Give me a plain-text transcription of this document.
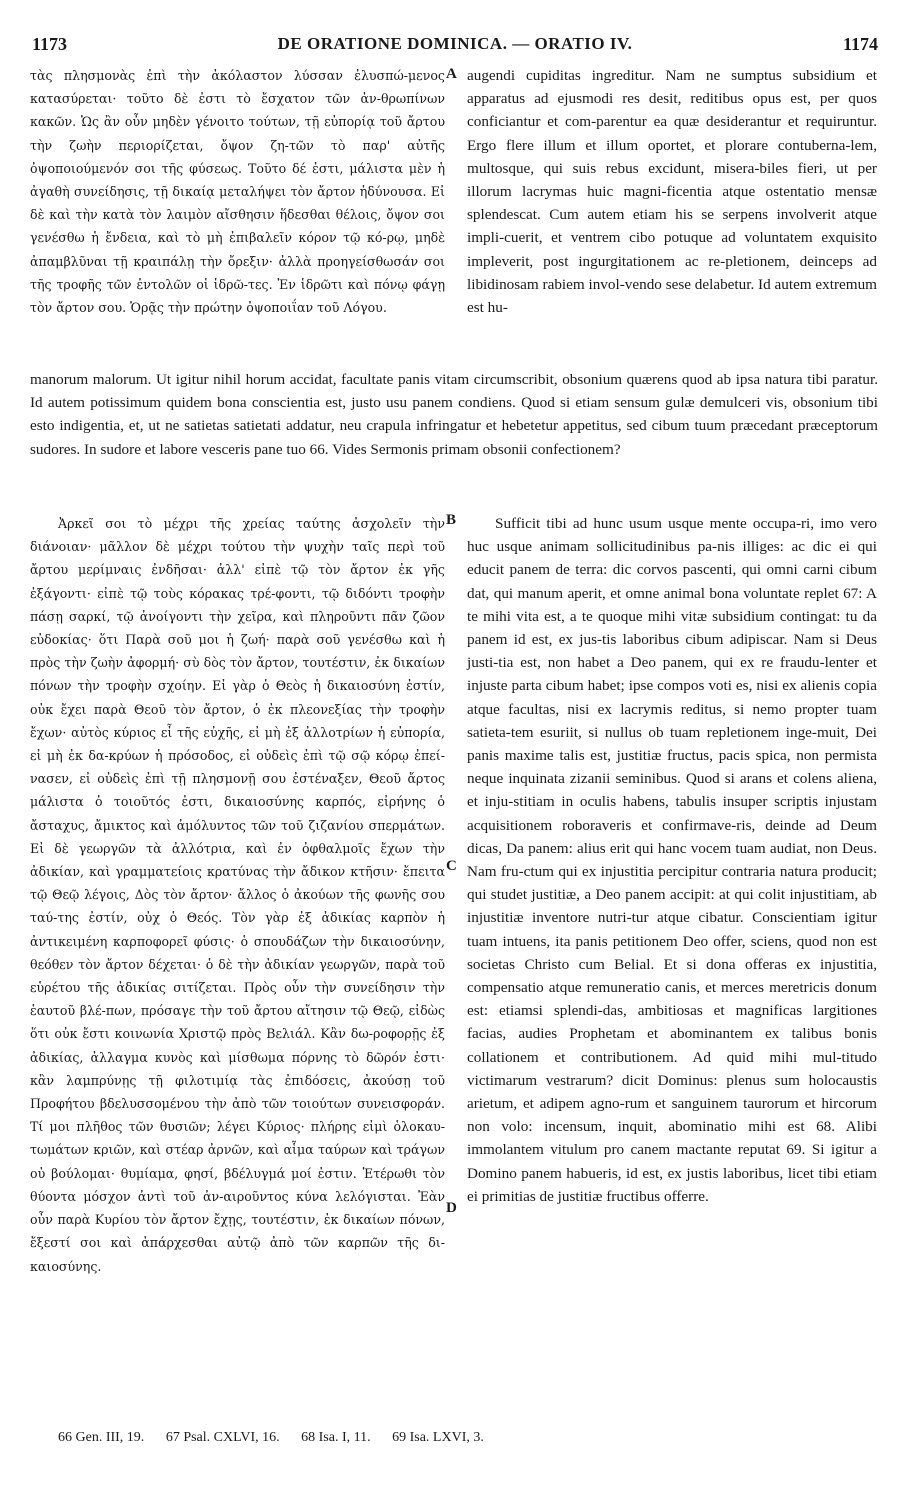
1173	DE ORATIONE DOMINICA. — ORATIO IV.	1174

τὰς πλησμονὰς ἐπὶ τὴν ἀκόλαστον λύσσαν ἐλυσπώ-μενος κατασύρεται· τοῦτο δὲ ἐστι τὸ ἔσχατον τῶν ἀν-θρωπίνων κακῶν. Ὡς ἂν οὖν μηδὲν γένοιτο τούτων, τῇ εὐπορίᾳ τοῦ ἄρτου τὴν ζωὴν περιορίζεται, ὄψον ζη-τῶν τὸ παρ' αὐτῆς ὀψοποιούμενόν σοι τῆς φύσεως. Τοῦτο δέ ἐστι, μάλιστα μὲν ἡ ἀγαθὴ συνείδησις, τῇ δικαίᾳ μεταλήψει τὸν ἄρτον ἡδύνουσα. Εἰ δὲ καὶ τὴν κατὰ τὸν λαιμὸν αἴσθησιν ἥδεσθαι θέλοις, ὄψον σοι γενέσθω ἡ ἔνδεια, καὶ τὸ μὴ ἐπιβαλεῖν κόρον τῷ κό-ρῳ, μηδὲ ἀπαμβλῦναι τῇ κραιπάλῃ τὴν ὄρεξιν· ἀλλὰ προηγείσθωσάν σοι τῆς τροφῆς τῶν ἐντολῶν οἱ ἱδρῶ-τες. Ἐν ἱδρῶτι καὶ πόνῳ φάγῃ τὸν ἄρτον σου. Ὁρᾷς τὴν πρώτην ὀψοποιΐαν τοῦ Λόγου.

augendi cupiditas ingreditur. Nam ne sumptus subsidium et apparatus ad ejusmodi res desit, reditibus opus est, per quos conficiantur et com-parentur ea quæ desiderantur et requiruntur. Ergo flere illum et illum oportet, et plorare contuberna-lem, multosque, qui suis rebus excidunt, misera-biles fieri, ut per illorum lacrymas huic magni-ficentia atque ostentatio mensæ splendescat. Cum autem etiam his se serpens involverit atque impli-cuerit, et ventrem cibo potuque ad voluntatem exquisito impleverit, post ingurgitationem ac re-pletionem, deinceps ad libidinosam rabiem invol-vendo sese delabetur. Id autem extremum est hu-

manorum malorum. Ut igitur nihil horum accidat, facultate panis vitam circumscribit, obsonium quærens quod ab ipsa natura tibi paratur. Id autem potissimum quidem bona conscientia est, justo usu panem condiens. Quod si etiam sensum gulæ demulceri vis, obsonium tibi esto indigentia, et, ut ne satietas satietati addatur, neu crapula infringatur et hebetetur appetitus, sed cibum tuum præcedant præceptorum sudores. In sudore et labore vesceris pane tuo 66. Vides Sermonis primam obsonii confectionem?

Ἀρκεῖ σοι τὸ μέχρι τῆς χρείας ταύτης ἀσχολεῖν τὴν διάνοιαν· μᾶλλον δὲ μέχρι τούτου τὴν ψυχὴν ταῖς περὶ τοῦ ἄρτου μερίμναις ἐνδῆσαι· ἀλλ' εἰπὲ τῷ τὸν ἄρτον ἐκ γῆς ἐξάγοντι· εἰπὲ τῷ τοὺς κόρακας τρέ-φοντι, τῷ διδόντι τροφὴν πάσῃ σαρκί, τῷ ἀνοίγοντι τὴν χεῖρα, καὶ πληροῦντι πᾶν ζῶον εὐδοκίας· ὅτι Παρὰ σοῦ μοι ἡ ζωή· παρὰ σοῦ γενέσθω καὶ ἡ πρὸς τὴν ζωὴν ἀφορμή· σὺ δὸς τὸν ἄρτον, τουτέστιν, ἐκ δικαίων πόνων τὴν τροφὴν σχοίην. Εἰ γὰρ ὁ Θεὸς ἡ δικαιοσύνη ἐστίν, οὐκ ἔχει παρὰ Θεοῦ τὸν ἄρτον, ὁ ἐκ πλεονεξίας τὴν τροφὴν ἔχων· αὐτὸς κύριος εἶ τῆς εὐχῆς, εἰ μὴ ἐξ ἀλλοτρίων ἡ εὐπορία, εἰ μὴ ἐκ δα-κρύων ἡ πρόσοδος, εἰ οὐδεὶς ἐπὶ τῷ σῷ κόρῳ ἐπεί-νασεν, εἰ οὐδεὶς ἐπὶ τῇ πλησμονῇ σου ἐστέναξεν, Θεοῦ ἄρτος μάλιστα ὁ τοιοῦτός ἐστι, δικαιοσύνης καρπός, εἰρήνης ὁ ἄσταχυς, ἄμικτος καὶ ἀμόλυντος τῶν τοῦ ζιζανίου σπερμάτων. Εἰ δὲ γεωργῶν τὰ ἀλλότρια, καὶ ἐν ὀφθαλμοῖς ἔχων τὴν ἀδικίαν, καὶ γραμματείοις κρατύνας τὴν ἄδικον κτῆσιν· ἔπειτα τῷ Θεῷ λέγοις, Δὸς τὸν ἄρτον· ἄλλος ὁ ἀκούων τῆς φωνῆς σου ταύ-της ἐστίν, οὐχ ὁ Θεός. Τὸν γὰρ ἐξ ἀδικίας καρπὸν ἡ ἀντικειμένη καρποφορεῖ φύσις· ὁ σπουδάζων τὴν δικαιοσύνην, θεόθεν τὸν ἄρτον δέχεται· ὁ δὲ τὴν ἀδικίαν γεωργῶν, παρὰ τοῦ εὑρέτου τῆς ἀδικίας σιτίζεται. Πρὸς οὖν τὴν συνείδησιν τὴν ἑαυτοῦ βλέ-πων, πρόσαγε τὴν τοῦ ἄρτου αἴτησιν τῷ Θεῷ, εἰδὼς ὅτι οὐκ ἔστι κοινωνία Χριστῷ πρὸς Βελιάλ. Κἂν δω-ροφορῇς ἐξ ἀδικίας, ἀλλαγμα κυνὸς καὶ μίσθωμα πόρνης τὸ δῶρόν ἐστι· κἂν λαμπρύνῃς τῇ φιλοτιμίᾳ τὰς ἐπιδόσεις, ἀκούσῃ τοῦ Προφήτου βδελυσσομένου τὴν ἀπὸ τῶν τοιούτων συνεισφοράν. Τί μοι πλῆθος τῶν θυσιῶν; λέγει Κύριος· πλήρης εἰμὶ ὁλοκαυ-τωμάτων κριῶν, καὶ στέαρ ἀρνῶν, καὶ αἷμα ταύρων καὶ τράγων οὐ βούλομαι· θυμίαμα, φησί, βδέλυγμά μοί ἐστιν. Ἑτέρωθι τὸν θύοντα μόσχον ἀντὶ τοῦ ἀν-αιροῦντος κύνα λελόγισται. Ἐὰν οὖν παρὰ Κυρίου τὸν ἄρτον ἔχῃς, τουτέστιν, ἐκ δικαίων πόνων, ἔξεστί σοι καὶ ἀπάρχεσθαι αὐτῷ ἀπὸ τῶν καρπῶν τῆς δι-καιοσύνης.

Sufficit tibi ad hunc usum usque mente occupa-ri, imo vero huc usque animam sollicitudinibus pa-nis illiges: ac dic ei qui educit panem de terra: dic corvos pascenti, qui omni carni cibum dat, qui manum aperit, et omne animal bona voluntate replet 67: A te mihi vita est, a te quoque mihi vitæ subsidium contingat: tu da panem id est, ex jus-tis laboribus cibum adipiscar. Nam si Deus justi-tia est, non habet a Deo panem, qui ex re fraudu-lenter et injuste parta cibum habet; ipse compos voti es, nisi ex alienis copia atque facultas, nisi ex lacrymis reditus, si nemo propter tuam satieta-tem esuriit, si nullus ob tuam repletionem inge-muit, Dei panis maxime talis est, justitiæ fructus, pacis spica, non permista neque inquinata zizanii seminibus. Quod si arans et colens aliena, et inju-stitiam in oculis habens, tabulis insuper scriptis injustam acquisitionem roboraveris et confirmave-ris, deinde ad Deum dicas, Da panem: alius erit qui hanc vocem tuam audiat, non Deus. Nam fru-ctum qui ex injustitia percipitur contraria natura producit; qui studet justitiæ, a Deo panem accipit: at qui colit injustitiam, ab injustitiæ inventore nutri-tur atque cibatur. Conscientiam igitur tuam intuens, ita panis petitionem Deo offer, sciens, quod non est societas Christo cum Belial. Et si dona offeras ex injustitia, compensatio atque remuneratio canis, et merces meretricis donum est: etiamsi splendi-das, ambitiosas et magnificas largitiones facias, audies Prophetam et abominantem ex talibus bonis collationem et contributionem. Ad quid mihi mul-titudo victimarum vestrarum? dicit Dominus: plenus sum holocaustis arietum, et adipem agno-rum et sanguinem taurorum et hircorum non volo: incensum, inquit, abominatio mihi est 68. Alibi immolantem vitulum pro canem mactante reputat 69. Si igitur a Domino panem habueris, id est, ex justis laboribus, licet tibi etiam ei primitias de justitiæ fructibus offerre.

A
B
C
D
66 Gen. III, 19. 67 Psal. CXLVI, 16. 68 Isa. I, 11. 69 Isa. LXVI, 3.
